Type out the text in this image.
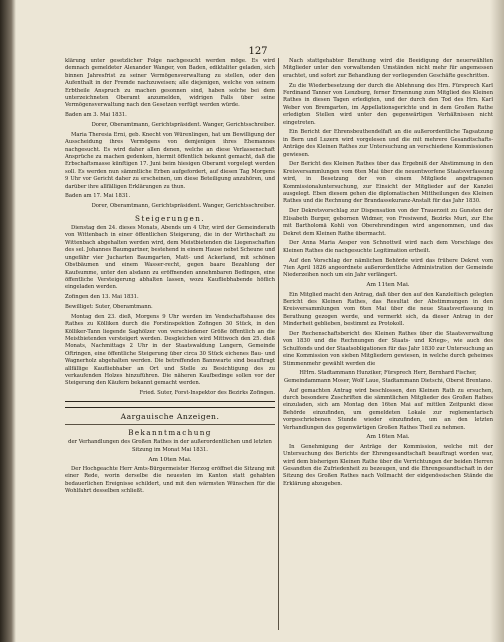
127

klärung unter gesetzlicher Folge nachgesucht werden möge. Es wird demnach gemeldeter Alexander Wanger, von Baden, ediktaliter geladen, sich binnen Jahresfrist zu seiner Vermögensverwaltung zu stellen, oder den Aufenthalt in der Fremde nachzuweisen; alle diejenigen, welche von seinem Erbtheile Anspruch zu machen gesonnen sind, haben solche bei dem unterzeichneten Oberamt anzumelden, widrigen Falls über seine Vermögensverwaltung nach den Gesetzen verfügt werden würde.

Baden am 3. Mai 1831.

Dorer, Oberamtmann, Gerichtspräsident. Wanger, Gerichtsschreiber.

Maria Theresia Erni, geb. Knecht von Würenlingen, hat um Bewilligung der Ausscheidung ihres Vermögens von demjenigen ihres Ehemannes nachgesucht. Es wird daher allen denen, welche an diese Verlassenschaft Ansprüche zu machen gedenken, hiermit öffentlich bekannt gemacht, daß die Erbschaftsmasse künftigen 17. Juni beim hiesigen Oberamt vorgelegt werden soll. Es werden nun sämmtliche Erben aufgefordert, auf diesen Tag Morgens 9 Uhr vor Gericht daher zu erscheinen, um diese Beteiligung anzuhören, und darüber ihre allfälligen Erklärungen zu thun.

Baden am 17. Mai 1831.

Dorer, Oberamtmann, Gerichtspräsident. Wanger, Gerichtsschreiber.

Steigerungen.

Dienstag den 24. dieses Monats, Abends um 4 Uhr, wird der Gemeinderath von Wittenbach in einer öffentlichen Steigerung, die in der Wirthschaft zu Wittenbach abgehalten werden wird, dem Meistbietenden die Liegenschaften des sel. Johannes Baumgartner, bestehend in einem Hause nebst Scheune und ungefähr vier Jucharten Baumgarten, Matt- und Ackerland, mit schönen Obstbäumen und einem Wasser-recht, gegen baare Bezahlung der Kaufsumme, unter den alsdann zu eröffnenden annehmbaren Bedingen, eine öffentliche Versteigerung abhalten lassen, wozu Kaufliebhabende höflich eingeladen werden.

Zofingen den 13. Mai 1831.

Bewilliget: Suter, Oberamtmann.

Montag den 23. dieß, Morgens 9 Uhr werden im Vendschaftshause des Rathes zu Kölliken durch die Forstinspektion Zofingen 30 Stück, in den Kölliker-Tann liegende Saghölzer von verschiedener Größe öffentlich an die Meistbietenden versteigert werden. Desgleichen wird Mittwoch den 25. dieß Monats, Nachmittags 2 Uhr in der Staatswaldung Langern, Gemeinde Oftringen, eine öffentliche Steigerung über circa 30 Stück eichenes Bau- und Wagnerholz abgehalten werden. Die betreffenden Bannwarte sind beauftragt allfällige Kaufliebhaber an Ort und Stelle zu Besichtigung des zu verkaufenden Holzes hinzuführen. Die näheren Kaufbedinge sollen vor der Steigerung den Käufern bekannt gemacht werden.

Fried. Suter, Forst-Inspektor des Bezirks Zofingen.

Aargauische Anzeigen.
Bekanntmachung

der Verhandlungen des Großen Rathes in der außerordentlichen und letzten Sitzung im Monat Mai 1831.

Am 10ten Mai.

Der Hochgeachte Herr Amts-Bürgermeister Herzog eröffnet die Sitzung mit einer Rede, worin derselbe die neuesten im Kanton statt gehabten bedauerlichen Ereignisse schildert, und mit den wärmsten Wünschen für die Wohlfahrt desselben schließt.

Nach stattgehabter Berathung wird die Beeidigung der neuerwählten Mitglieder unter den vorwaltenden Umständen nicht mehr für angemessen erachtet, und sofort zur Behandlung der vorliegenden Geschäfte geschritten.

Zu die Wiederbesetzung der durch die Ablehnung des Hrn. Fürsprech Karl Ferdinand Tanner von Lenzburg, ferner Ernennung zum Mitglied des Kleinen Rathes in diesen Tagen erledigten, und der durch den Tod des Hrn. Karl Weber von Bremgarten, im Appellationsgerichte und in dem Großen Rathe erledigten Stellen wird unter den gegenwärtigen Verhältnissen nicht eingetreten.

Ein Bericht der Ehrensbeuthendelfaft an die außerordentliche Tagsatzung in Bern und Luzern wird vorgelesen und die mit mehrere Gesandtschafts-Anträge des Kleinen Rathes zur Untersuchung an verschiedene Kommissionen gewiesen.

Der Bericht des Kleinen Rathes über das Ergebniß der Abstimmung in den Kreisversammlungen vom 6ten Mai über die neuentworfene Staatsverfassung wird, in Besetzung der von einem Mitgliede angetragenen Kommissionaluntersuchung, zur Einsicht der Mitglieder auf der Kanzlei ausgelegt. Eben diesem gehen die diplomatischen Mittheilungen des Kleinen Rathes und die Rechnung der Brandassekuranz-Anstalt für das Jahr 1830.

Der Dekretsvorschlag zur Dispensation von der Trauerzeit zu Gunsten der Elisabeth Burger, gebornen Widmer, von Fresiwend, Bezirks Muri, zur Ehe mit Bartholomä Kohli von Oberehrendingen wird angenommen, und das Dekret dem Kleinen Rathe übermacht.

Der Anna Maria Aesper von Schnottwil wird nach dem Vorschlage des Kleinen Rathes die nachgesuchte Legitimation ertheilt.

Auf den Vorschlag der nämlichen Behörde wird das frühere Dekret vom 7ten April 1826 angeordnete außerordentliche Administration der Gemeinde Niederzeihen noch um ein Jahr verlängert.

Am 11ten Mai.

Ein Mitglied macht den Antrag, daß über den auf den Kanzleitisch gelegten Bericht des Kleinen Rathes, das Resultat der Abstimmungen in den Kreisversammlungen vom 6ten Mai über die neue Staatsverfassung in Berathung gezogen werde, und vermerkt sich, da dieser Antrag in der Minderheit geblieben, bestimmt zu Protokoll.

Der Rechenschaftsbericht des Kleinen Rathes über die Staatsverwaltung von 1830 und die Rechnungen der Staats- und Kriegs-, wie auch des Schulfonds und der Staatsobligationen für das Jahr 1830 zur Untersuchung an eine Kommission von sieben Mitgliedern gewiesen, in welche durch geheimes Stimmenmehr gewählt werden die

HHrn. Stadtammann Hunziker, Fürsprech Herr, Bernhard Fischer, Gemeindammann Moser, Wolf Laue, Stadtammann Dietschi, Oberst Brentano.

Auf gemachten Antrag wird beschlossen, den Kleinen Rath zu ersuchen, durch besondere Zuschriften die sämmtlichen Mitglieder des Großen Rathes einzuladen, sich am Montag den 16ten Mai auf mittlen Zeitpunkt diese Behörde einzufinden, um gemeldeten Lokale zur reglementarisch vorgeschriebenen Stunde wieder einzufinden, um an den letzten Verhandlungen des gegenwärtigen Großen Rathes Theil zu nehmen.

Am 16ten Mai.

In Genehmigung der Anträge der Kommission, welche mit der Untersuchung des Berichts der Ehrengesandtschaft beauftragt worden war, wird dem bisherigen Kleinen Rathe über die Verrichtungen der beiden Herren Gesandten die Zufriedenheit zu bezeugen, und die Ehrengesandtschaft in der Sitzung des Großen Rathes nach Vollmacht der eidgenössischen Stände die Erklärung abzugeben.
